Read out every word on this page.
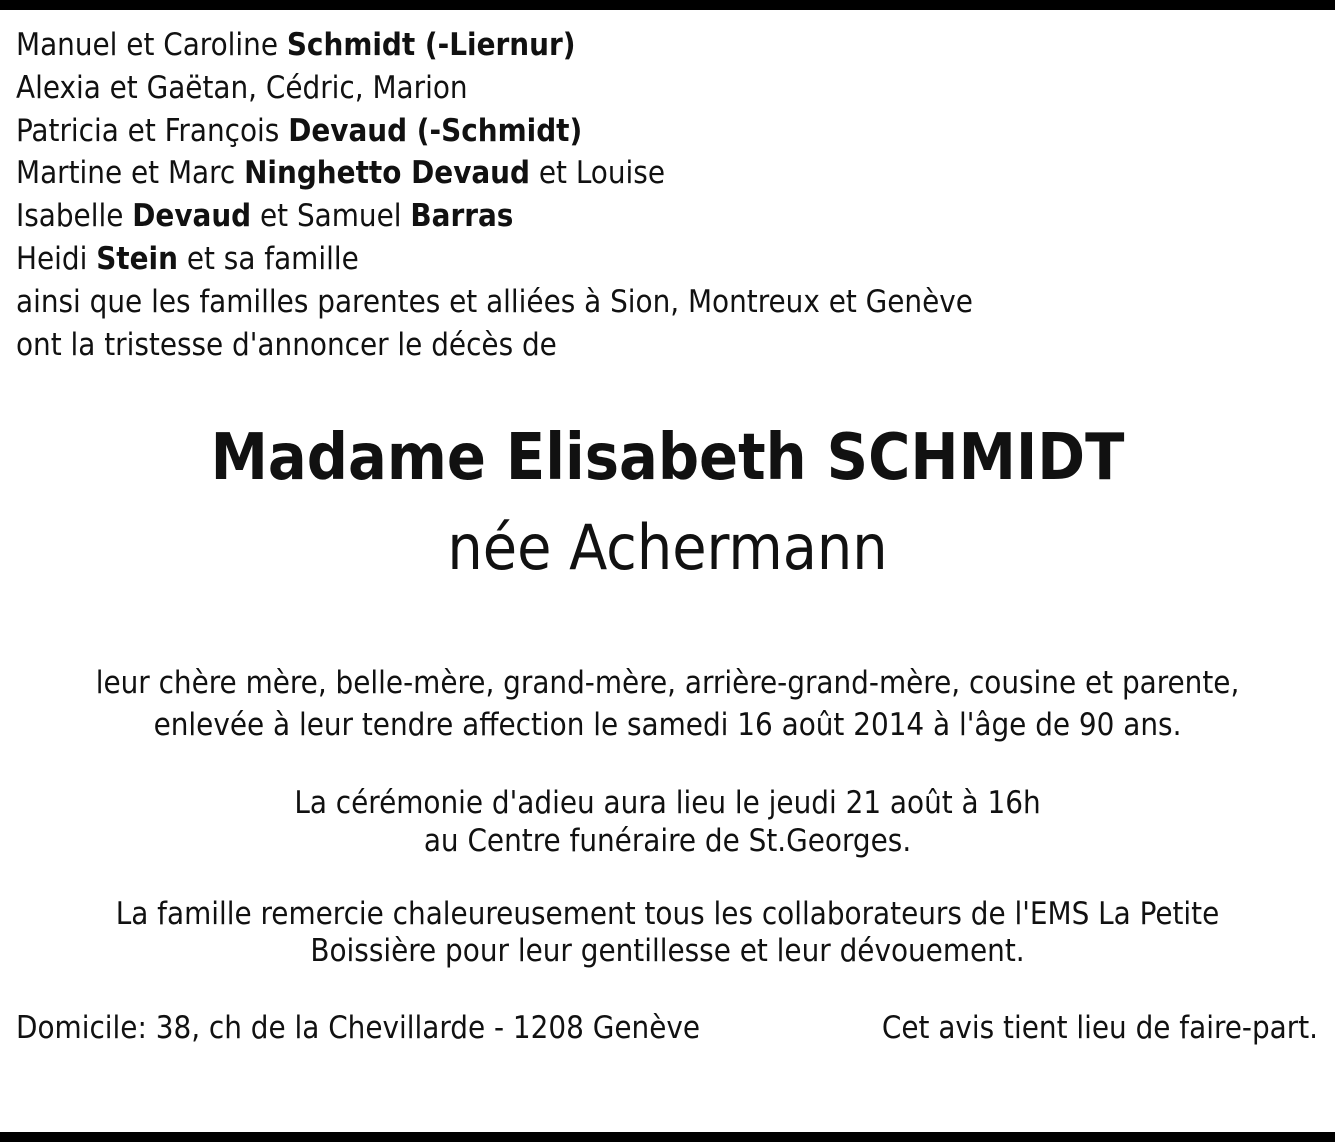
Manuel et Caroline Schmidt (-Liernur)
Alexia et Gaëtan, Cédric, Marion
Patricia et François Devaud (-Schmidt)
Martine et Marc Ninghetto Devaud et Louise
Isabelle Devaud et Samuel Barras
Heidi Stein et sa famille
ainsi que les familles parentes et alliées à Sion, Montreux et Genève
ont la tristesse d'annoncer le décès de
Madame Elisabeth SCHMIDT
née Achermann
leur chère mère, belle-mère, grand-mère, arrière-grand-mère, cousine et parente,
enlevée à leur tendre affection le samedi 16 août 2014 à l'âge de 90 ans.
La cérémonie d'adieu aura lieu le jeudi 21 août à 16h
au Centre funéraire de St.Georges.
La famille remercie chaleureusement tous les collaborateurs de l'EMS La Petite
Boissière pour leur gentillesse et leur dévouement.
Domicile: 38, ch de la Chevillarde - 1208 Genève	Cet avis tient lieu de faire-part.
